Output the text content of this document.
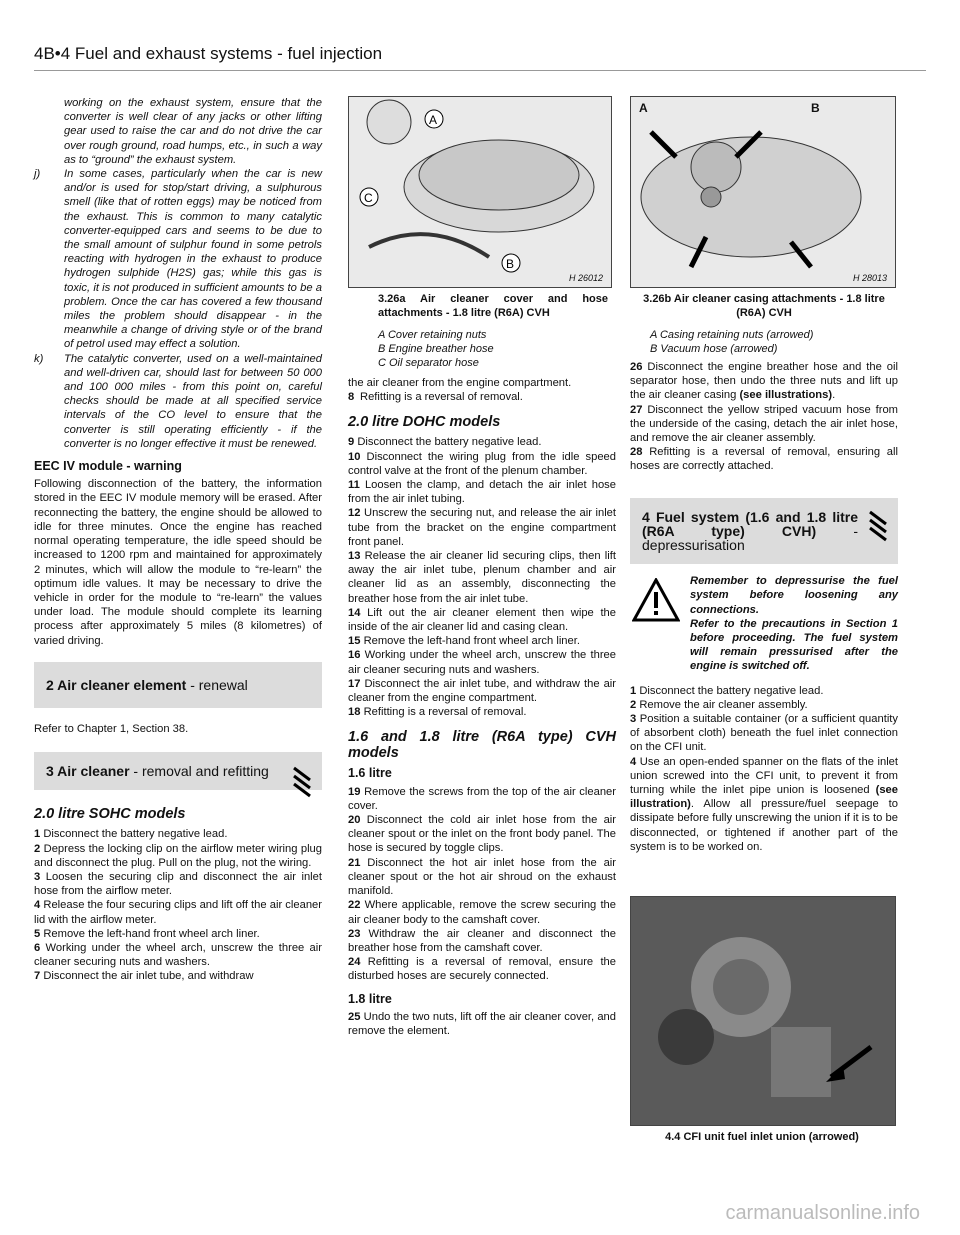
4B•4 Fuel and exhaust systems - fuel injection

working on the exhaust system, ensure that the converter is well clear of any jacks or other lifting gear used to raise the car and do not drive the car over rough ground, road humps, etc., in such a way as to “ground” the exhaust system.

j)	In some cases, particularly when the car is new and/or is used for stop/start driving, a sulphurous smell (like that of rotten eggs) may be noticed from the exhaust. This is common to many catalytic converter-equipped cars and seems to be due to the small amount of sulphur found in some petrols reacting with hydrogen in the exhaust to produce hydrogen sulphide (H2S) gas; while this gas is toxic, it is not produced in sufficient amounts to be a problem. Once the car has covered a few thousand miles the problem should disappear - in the meanwhile a change of driving style or of the brand of petrol used may effect a solution.

k)	The catalytic converter, used on a well-maintained and well-driven car, should last for between 50 000 and 100 000 miles - from this point on, careful checks should be made at all specified service intervals of the CO level to ensure that the converter is still operating efficiently - if the converter is no longer effective it must be renewed.

EEC IV module - warning

Following disconnection of the battery, the information stored in the EEC IV module memory will be erased. After reconnecting the battery, the engine should be allowed to idle for three minutes. Once the engine has reached normal operating temperature, the idle speed should be increased to 1200 rpm and maintained for approximately 2 minutes, which will allow the module to “re-learn” the optimum idle values. It may be necessary to drive the vehicle in order for the module to “re-learn” the values under load. The module should complete its learning process after approximately 5 miles (8 kilometres) of varied driving.

2 Air cleaner element - renewal

Refer to Chapter 1, Section 38.

3 Air cleaner - removal and refitting
2.0 litre SOHC models

1 Disconnect the battery negative lead.

2 Depress the locking clip on the airflow meter wiring plug and disconnect the plug. Pull on the plug, not the wiring.

3 Loosen the securing clip and disconnect the air inlet hose from the airflow meter.

4 Release the four securing clips and lift off the air cleaner lid with the airflow meter.

5 Remove the left-hand front wheel arch liner.

6 Working under the wheel arch, unscrew the three air cleaner securing nuts and washers.

7 Disconnect the air inlet tube, and withdraw

A
C
B
H 26012
3.26a Air cleaner cover and hose attachments - 1.8 litre (R6A) CVH
A Cover retaining nuts
B Engine breather hose
C Oil separator hose

the air cleaner from the engine compartment.

8 Refitting is a reversal of removal.

2.0 litre DOHC models

9 Disconnect the battery negative lead.

10 Disconnect the wiring plug from the idle speed control valve at the front of the plenum chamber.

11 Loosen the clamp, and detach the air inlet hose from the air inlet tubing.

12 Unscrew the securing nut, and release the air inlet tube from the bracket on the engine compartment front panel.

13 Release the air cleaner lid securing clips, then lift away the air inlet tube, plenum chamber and air cleaner lid as an assembly, disconnecting the breather hose from the air inlet tube.

14 Lift out the air cleaner element then wipe the inside of the air cleaner lid and casing clean.

15 Remove the left-hand front wheel arch liner.

16 Working under the wheel arch, unscrew the three air cleaner securing nuts and washers.

17 Disconnect the air inlet tube, and withdraw the air cleaner from the engine compartment.

18 Refitting is a reversal of removal.

1.6 and 1.8 litre (R6A type) CVH models
1.6 litre

19 Remove the screws from the top of the air cleaner cover.

20 Disconnect the cold air inlet hose from the air cleaner spout or the inlet on the front body panel. The hose is secured by toggle clips.

21 Disconnect the hot air inlet hose from the air cleaner spout or the hot air shroud on the exhaust manifold.

22 Where applicable, remove the screw securing the air cleaner body to the camshaft cover.

23 Withdraw the air cleaner and disconnect the breather hose from the camshaft cover.

24 Refitting is a reversal of removal, ensure the disturbed hoses are securely connected.

1.8 litre

25 Undo the two nuts, lift off the air cleaner cover, and remove the element.

A	B
H 28013
3.26b Air cleaner casing attachments - 1.8 litre (R6A) CVH
A Casing retaining nuts (arrowed)
B Vacuum hose (arrowed)

26 Disconnect the engine breather hose and the oil separator hose, then undo the three nuts and lift up the air cleaner casing (see illustrations).

27 Disconnect the yellow striped vacuum hose from the underside of the casing, detach the air inlet hose, and remove the air cleaner assembly.

28 Refitting is a reversal of removal, ensuring all hoses are correctly attached.

4 Fuel system (1.6 and 1.8 litre (R6A type) CVH) - depressurisation

Remember to depressurise the fuel system before loosening any connections.

Refer to the precautions in Section 1 before proceeding. The fuel system will remain pressurised after the engine is switched off.

1 Disconnect the battery negative lead.

2 Remove the air cleaner assembly.

3 Position a suitable container (or a sufficient quantity of absorbent cloth) beneath the fuel inlet connection on the CFI unit.

4 Use an open-ended spanner on the flats of the inlet union screwed into the CFI unit, to prevent it from turning while the inlet pipe union is loosened (see illustration). Allow all pressure/fuel seepage to dissipate before fully unscrewing the union if it is to be disconnected, or tightened if another part of the system is to be worked on.

4.4 CFI unit fuel inlet union (arrowed)
carmanualsonline.info
